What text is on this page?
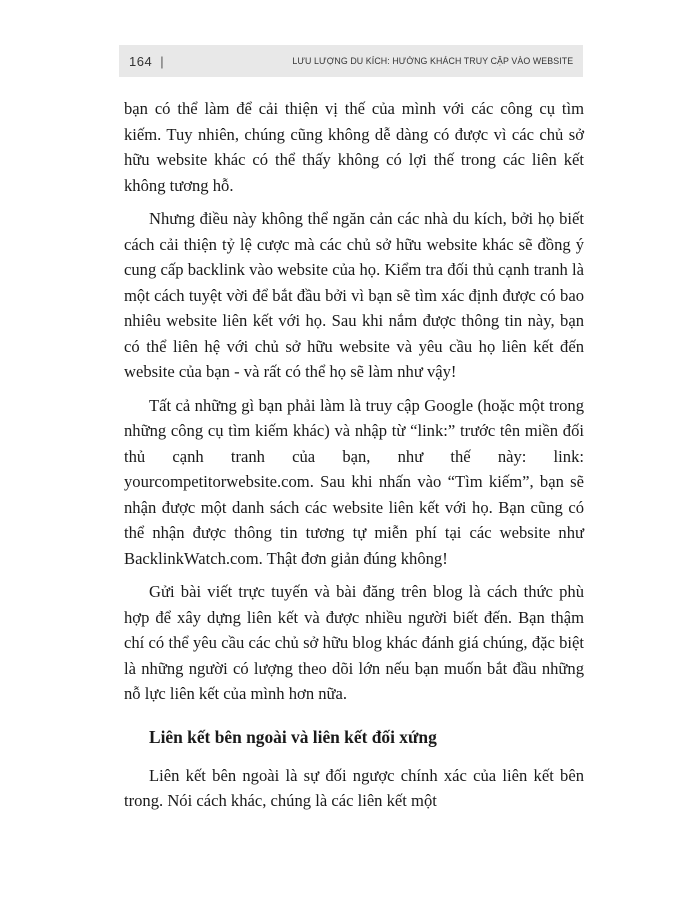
164 |	LƯU LƯỢNG DU KÍCH: HƯỚNG KHÁCH TRUY CẬP VÀO WEBSITE

bạn có thể làm để cải thiện vị thế của mình với các công cụ tìm kiếm. Tuy nhiên, chúng cũng không dễ dàng có được vì các chủ sở hữu website khác có thể thấy không có lợi thế trong các liên kết không tương hỗ.

Nhưng điều này không thể ngăn cản các nhà du kích, bởi họ biết cách cải thiện tỷ lệ cược mà các chủ sở hữu website khác sẽ đồng ý cung cấp backlink vào website của họ. Kiểm tra đối thủ cạnh tranh là một cách tuyệt vời để bắt đầu bởi vì bạn sẽ tìm xác định được có bao nhiêu website liên kết với họ. Sau khi nắm được thông tin này, bạn có thể liên hệ với chủ sở hữu website và yêu cầu họ liên kết đến website của bạn - và rất có thể họ sẽ làm như vậy!

Tất cả những gì bạn phải làm là truy cập Google (hoặc một trong những công cụ tìm kiếm khác) và nhập từ “link:” trước tên miền đối thủ cạnh tranh của bạn, như thế này: link: yourcompetitorwebsite.com. Sau khi nhấn vào “Tìm kiếm”, bạn sẽ nhận được một danh sách các website liên kết với họ. Bạn cũng có thể nhận được thông tin tương tự miễn phí tại các website như BacklinkWatch.com. Thật đơn giản đúng không!

Gửi bài viết trực tuyến và bài đăng trên blog là cách thức phù hợp để xây dựng liên kết và được nhiều người biết đến. Bạn thậm chí có thể yêu cầu các chủ sở hữu blog khác đánh giá chúng, đặc biệt là những người có lượng theo dõi lớn nếu bạn muốn bắt đầu những nỗ lực liên kết của mình hơn nữa.

Liên kết bên ngoài và liên kết đối xứng

Liên kết bên ngoài là sự đối ngược chính xác của liên kết bên trong. Nói cách khác, chúng là các liên kết một
